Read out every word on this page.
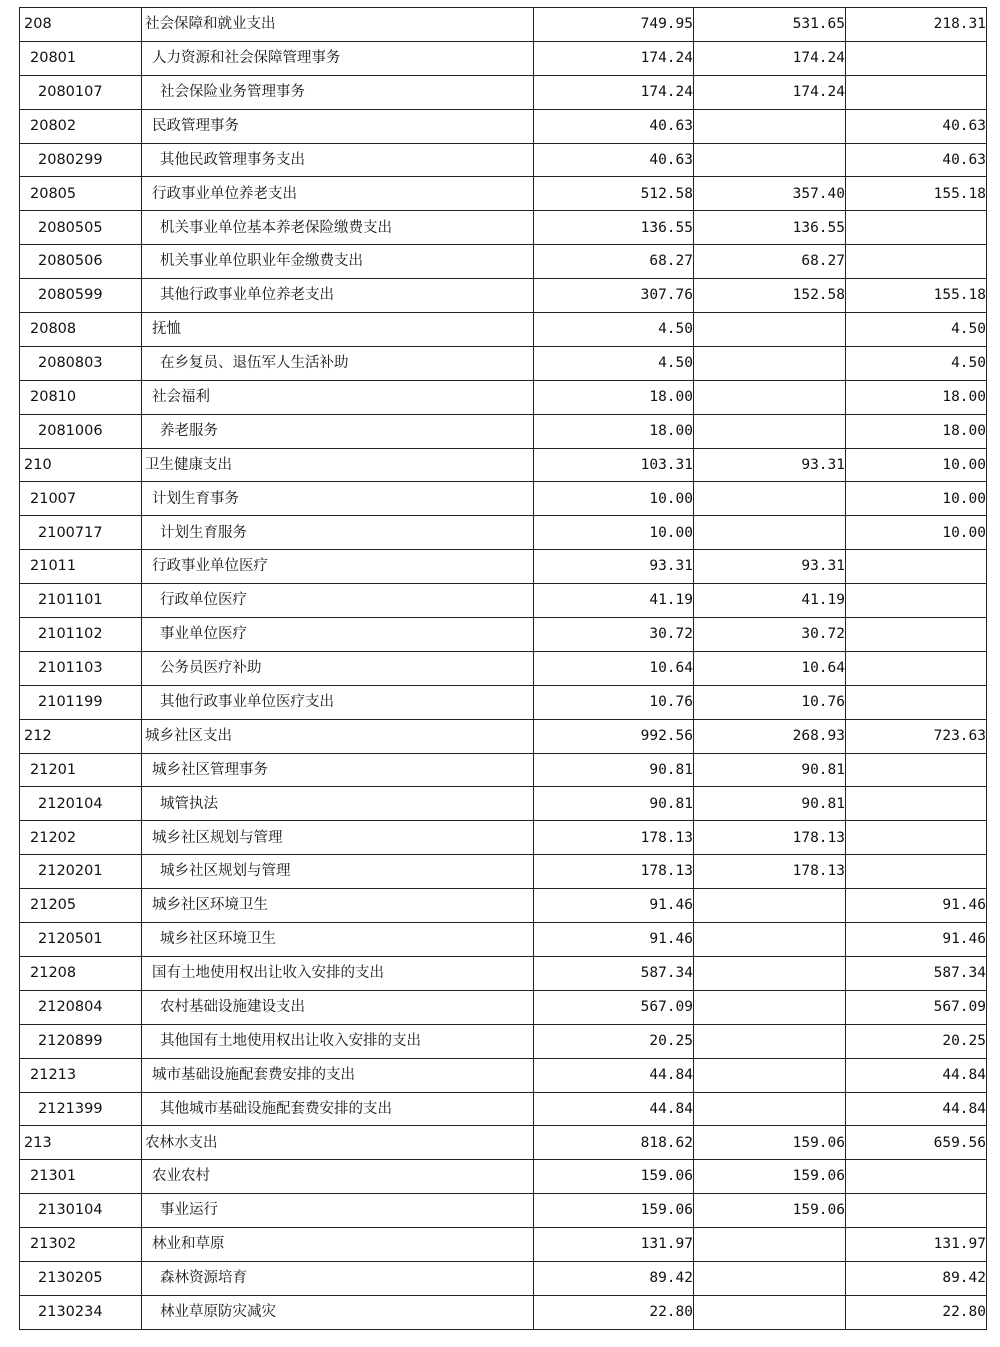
208	社会保障和就业支出	749.95	531.65	218.31
20801	人力资源和社会保障管理事务	174.24	174.24	
2080107	社会保险业务管理事务	174.24	174.24	
20802	民政管理事务	40.63		40.63
2080299	其他民政管理事务支出	40.63		40.63
20805	行政事业单位养老支出	512.58	357.40	155.18
2080505	机关事业单位基本养老保险缴费支出	136.55	136.55	
2080506	机关事业单位职业年金缴费支出	68.27	68.27	
2080599	其他行政事业单位养老支出	307.76	152.58	155.18
20808	抚恤	4.50		4.50
2080803	在乡复员、退伍军人生活补助	4.50		4.50
20810	社会福利	18.00		18.00
2081006	养老服务	18.00		18.00
210	卫生健康支出	103.31	93.31	10.00
21007	计划生育事务	10.00		10.00
2100717	计划生育服务	10.00		10.00
21011	行政事业单位医疗	93.31	93.31	
2101101	行政单位医疗	41.19	41.19	
2101102	事业单位医疗	30.72	30.72	
2101103	公务员医疗补助	10.64	10.64	
2101199	其他行政事业单位医疗支出	10.76	10.76	
212	城乡社区支出	992.56	268.93	723.63
21201	城乡社区管理事务	90.81	90.81	
2120104	城管执法	90.81	90.81	
21202	城乡社区规划与管理	178.13	178.13	
2120201	城乡社区规划与管理	178.13	178.13	
21205	城乡社区环境卫生	91.46		91.46
2120501	城乡社区环境卫生	91.46		91.46
21208	国有土地使用权出让收入安排的支出	587.34		587.34
2120804	农村基础设施建设支出	567.09		567.09
2120899	其他国有土地使用权出让收入安排的支出	20.25		20.25
21213	城市基础设施配套费安排的支出	44.84		44.84
2121399	其他城市基础设施配套费安排的支出	44.84		44.84
213	农林水支出	818.62	159.06	659.56
21301	农业农村	159.06	159.06	
2130104	事业运行	159.06	159.06	
21302	林业和草原	131.97		131.97
2130205	森林资源培育	89.42		89.42
2130234	林业草原防灾减灾	22.80		22.80
